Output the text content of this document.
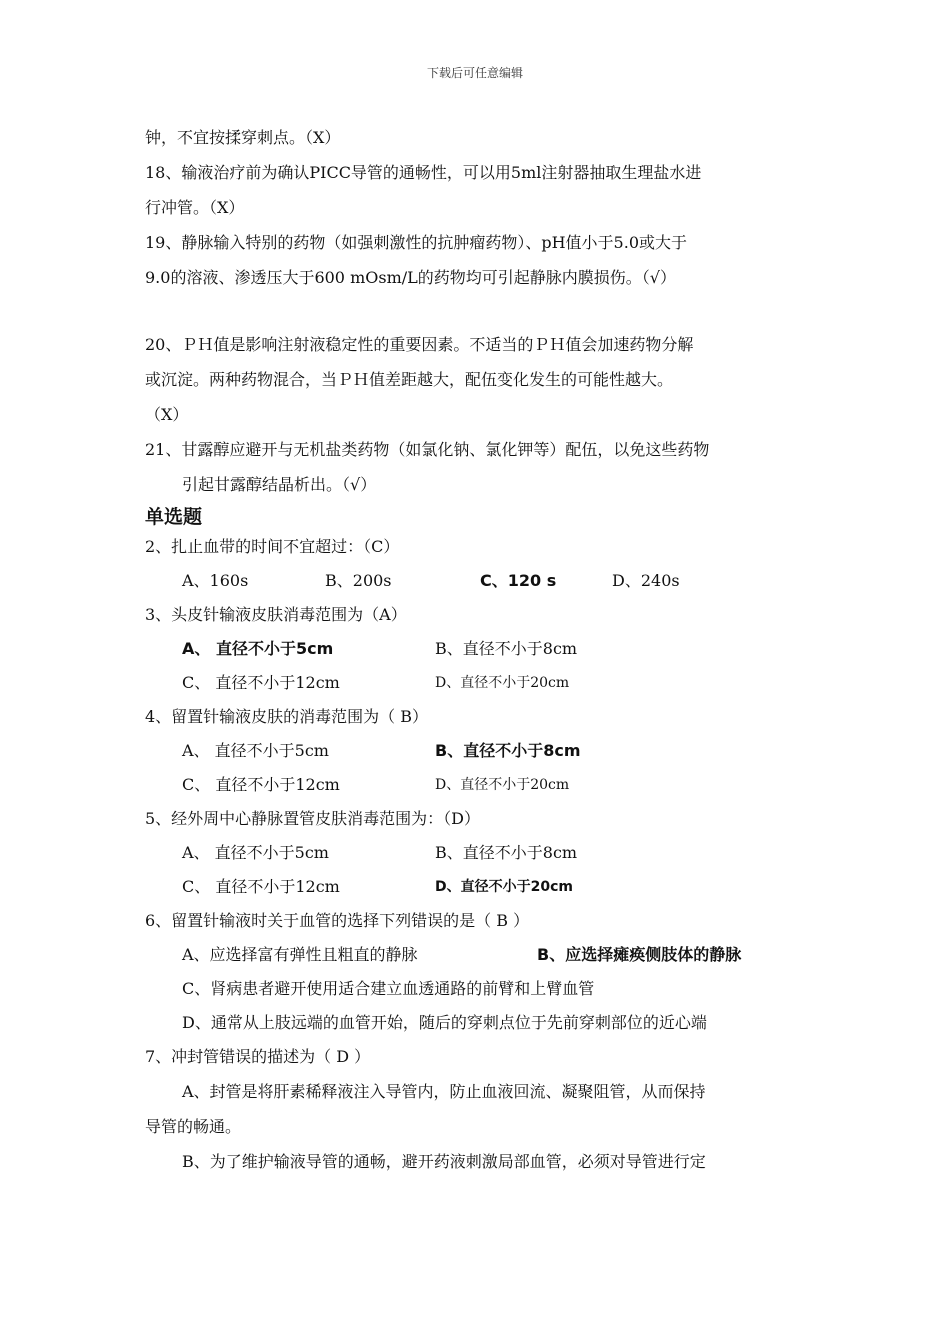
下载后可任意编辑
钟，不宜按揉穿刺点。（X）
18、输液治疗前为确认PICC导管的通畅性，可以用5ml注射器抽取生理盐水进
行冲管。（X）
19、静脉输入特别的药物（如强刺激性的抗肿瘤药物）、pH值小于5.0或大于
9.0的溶液、渗透压大于600 mOsm/L的药物均可引起静脉内膜损伤。（√）
20、ＰＨ值是影响注射液稳定性的重要因素。不适当的ＰＨ值会加速药物分解
或沉淀。两种药物混合，当ＰＨ值差距越大，配伍变化发生的可能性越大。
（X）
21、甘露醇应避开与无机盐类药物（如氯化钠、氯化钾等）配伍，以免这些药物
引起甘露醇结晶析出。（√）
单选题
2、扎止血带的时间不宜超过：（C）
A、160s	B、200s	C、120 s	D、240s
3、头皮针输液皮肤消毒范围为（A）
A、 直径不小于5cm	B、直径不小于8cm
C、 直径不小于12cm	D、直径不小于20cm
4、留置针输液皮肤的消毒范围为（ B）
A、 直径不小于5cm	B、直径不小于8cm
C、 直径不小于12cm	D、直径不小于20cm
5、经外周中心静脉置管皮肤消毒范围为：（D）
A、 直径不小于5cm	B、直径不小于8cm
C、 直径不小于12cm	D、直径不小于20cm
6、留置针输液时关于血管的选择下列错误的是（ B ）
A、应选择富有弹性且粗直的静脉	B、应选择瘫痪侧肢体的静脉
C、肾病患者避开使用适合建立血透通路的前臂和上臂血管
D、通常从上肢远端的血管开始，随后的穿刺点位于先前穿刺部位的近心端
7、冲封管错误的描述为（ D ）
A、封管是将肝素稀释液注入导管内，防止血液回流、凝聚阻管，从而保持
导管的畅通。
B、为了维护输液导管的通畅，避开药液刺激局部血管，必须对导管进行定
